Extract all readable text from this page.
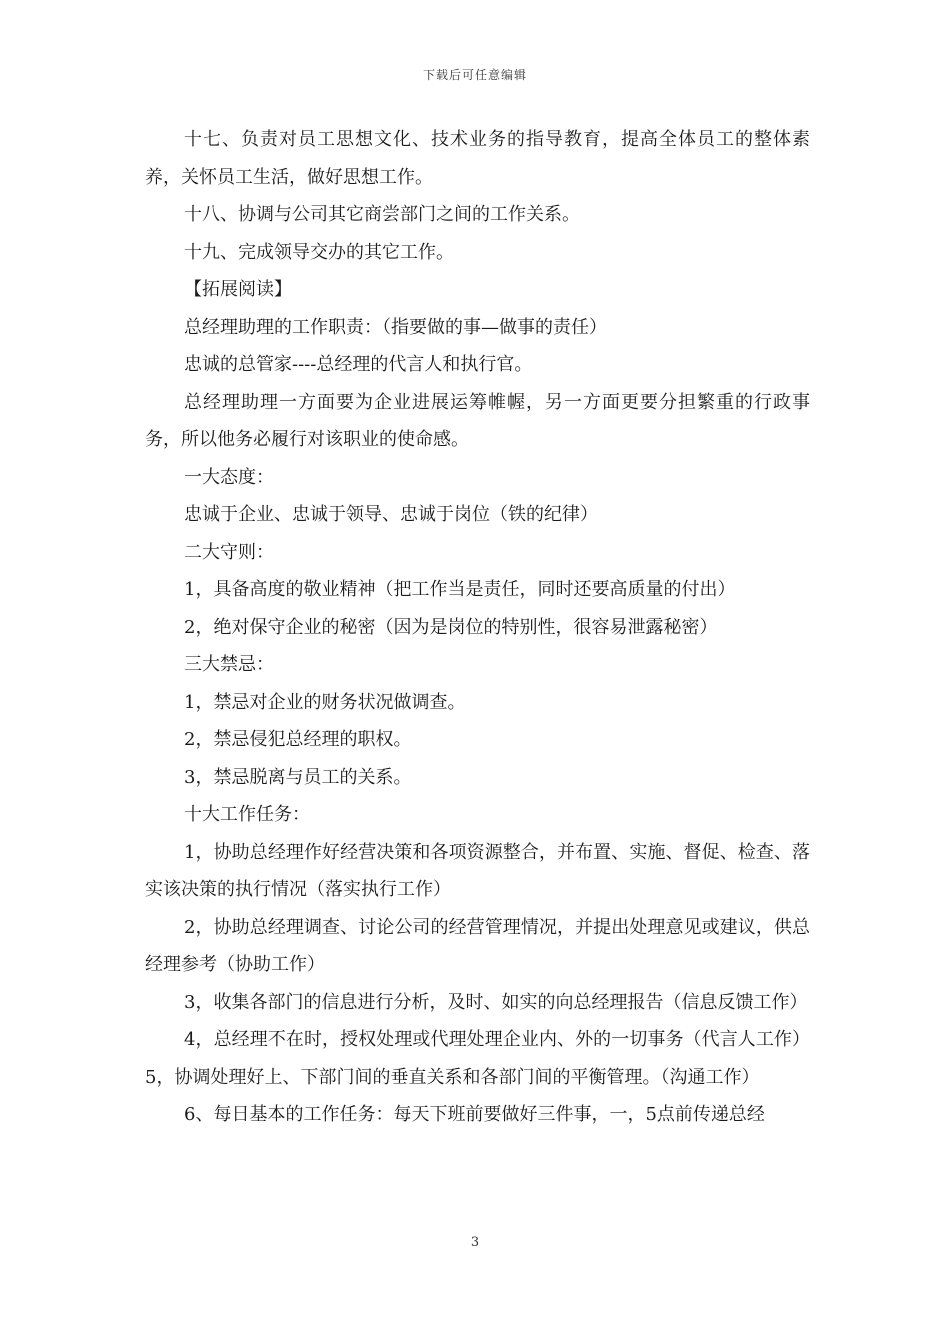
下载后可任意编辑

十七、负责对员工思想文化、技术业务的指导教育，提高全体员工的整体素养，关怀员工生活，做好思想工作。

十八、协调与公司其它商尝部门之间的工作关系。

十九、完成领导交办的其它工作。

【拓展阅读】

总经理助理的工作职责：（指要做的事—做事的责任）

忠诚的总管家----总经理的代言人和执行官。

总经理助理一方面要为企业进展运筹帷幄，另一方面更要分担繁重的行政事务，所以他务必履行对该职业的使命感。

一大态度：

忠诚于企业、忠诚于领导、忠诚于岗位（铁的纪律）

二大守则：

1，具备高度的敬业精神（把工作当是责任，同时还要高质量的付出）

2，绝对保守企业的秘密（因为是岗位的特别性，很容易泄露秘密）

三大禁忌：

1，禁忌对企业的财务状况做调查。

2，禁忌侵犯总经理的职权。

3，禁忌脱离与员工的关系。

十大工作任务：

1，协助总经理作好经营决策和各项资源整合，并布置、实施、督促、检查、落实该决策的执行情况（落实执行工作）

2，协助总经理调查、讨论公司的经营管理情况，并提出处理意见或建议，供总经理参考（协助工作）

3，收集各部门的信息进行分析，及时、如实的向总经理报告（信息反馈工作）

4，总经理不在时，授权处理或代理处理企业内、外的一切事务（代言人工作）5，协调处理好上、下部门间的垂直关系和各部门间的平衡管理。（沟通工作）

6、每日基本的工作任务：每天下班前要做好三件事，一，5点前传递总经

3
